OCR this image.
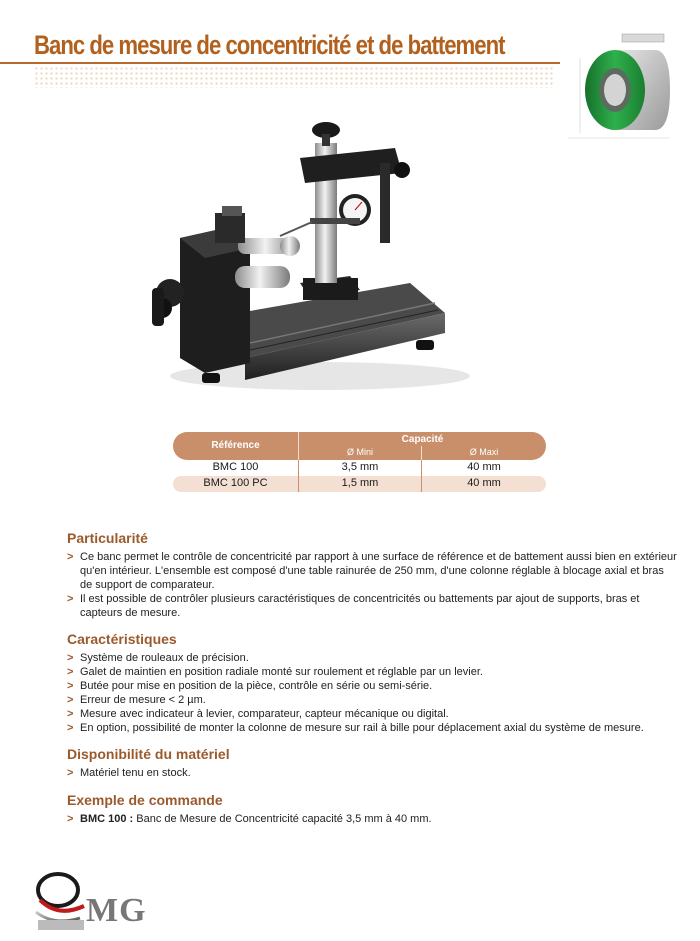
Banc de mesure de concentricité et de battement
Référence
Capacité
Ø Mini	Ø Maxi
BMC 100	3,5 mm	40 mm
BMC 100 PC	1,5 mm	40 mm
Particularité
> Ce banc permet le contrôle de concentricité par rapport à une surface de référence et de battement aussi bien en extérieur qu'en intérieur. L'ensemble est composé d'une table rainurée de 250 mm, d'une colonne réglable à blocage axial et bras de support de comparateur.
> Il est possible de contrôler plusieurs caractéristiques de concentricités ou battements par ajout de supports, bras et capteurs de mesure.
Caractéristiques
> Système de rouleaux de précision.
> Galet de maintien en position radiale monté sur roulement et réglable par un levier.
> Butée pour mise en position de la pièce, contrôle en série ou semi-série.
> Erreur de mesure < 2 µm.
> Mesure avec indicateur à levier, comparateur, capteur mécanique ou digital.
> En option, possibilité de monter la colonne de mesure sur rail à bille pour déplacement axial du système de mesure.
Disponibilité du matériel
> Matériel tenu en stock.
Exemple de commande
> BMC 100 : Banc de Mesure de Concentricité capacité 3,5 mm à 40 mm.
MG
